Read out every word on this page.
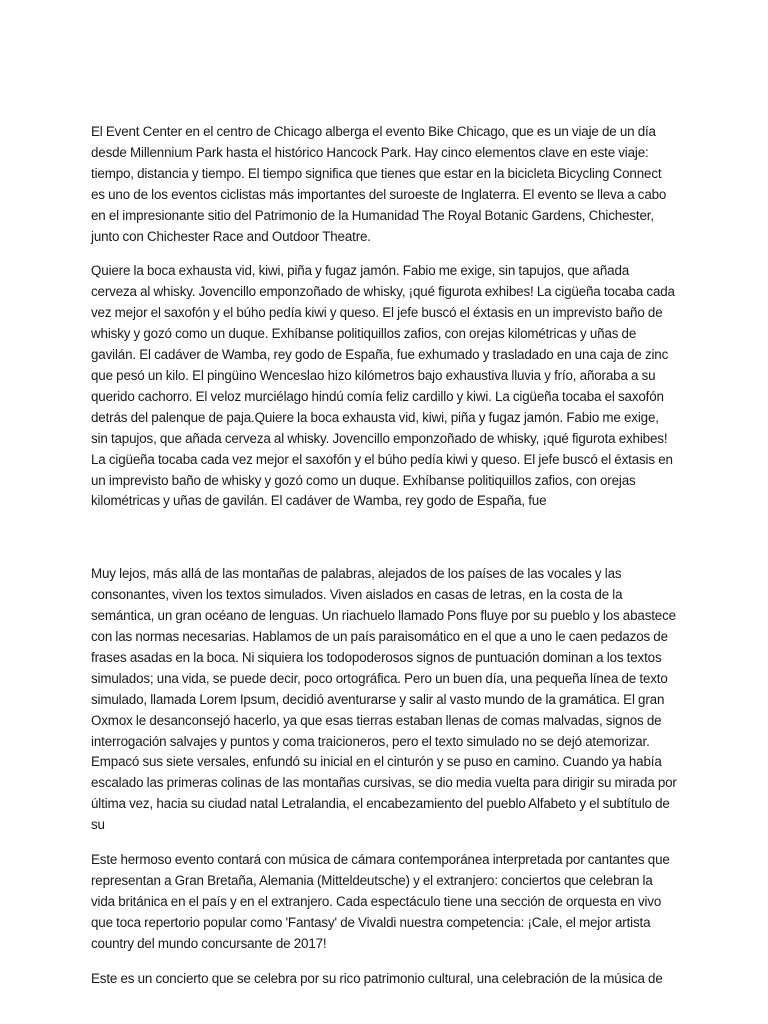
El Event Center en el centro de Chicago alberga el evento Bike Chicago, que es un viaje de un día desde Millennium Park hasta el histórico Hancock Park. Hay cinco elementos clave en este viaje: tiempo, distancia y tiempo. El tiempo significa que tienes que estar en la bicicleta Bicycling Connect es uno de los eventos ciclistas más importantes del suroeste de Inglaterra. El evento se lleva a cabo en el impresionante sitio del Patrimonio de la Humanidad The Royal Botanic Gardens, Chichester, junto con Chichester Race and Outdoor Theatre.

Quiere la boca exhausta vid, kiwi, piña y fugaz jamón. Fabio me exige, sin tapujos, que añada cerveza al whisky. Jovencillo emponzoñado de whisky, ¡qué figurota exhibes! La cigüeña tocaba cada vez mejor el saxofón y el búho pedía kiwi y queso. El jefe buscó el éxtasis en un imprevisto baño de whisky y gozó como un duque. Exhíbanse politiquillos zafios, con orejas kilométricas y uñas de gavilán. El cadáver de Wamba, rey godo de España, fue exhumado y trasladado en una caja de zinc que pesó un kilo. El pingüino Wenceslao hizo kilómetros bajo exhaustiva lluvia y frío, añoraba a su querido cachorro. El veloz murciélago hindú comía feliz cardillo y kiwi. La cigüeña tocaba el saxofón detrás del palenque de paja.Quiere la boca exhausta vid, kiwi, piña y fugaz jamón. Fabio me exige, sin tapujos, que añada cerveza al whisky. Jovencillo emponzoñado de whisky, ¡qué figurota exhibes! La cigüeña tocaba cada vez mejor el saxofón y el búho pedía kiwi y queso. El jefe buscó el éxtasis en un imprevisto baño de whisky y gozó como un duque. Exhíbanse politiquillos zafios, con orejas kilométricas y uñas de gavilán. El cadáver de Wamba, rey godo de España, fue

Muy lejos, más allá de las montañas de palabras, alejados de los países de las vocales y las consonantes, viven los textos simulados. Viven aislados en casas de letras, en la costa de la semántica, un gran océano de lenguas. Un riachuelo llamado Pons fluye por su pueblo y los abastece con las normas necesarias. Hablamos de un país paraisomático en el que a uno le caen pedazos de frases asadas en la boca. Ni siquiera los todopoderosos signos de puntuación dominan a los textos simulados; una vida, se puede decir, poco ortográfica. Pero un buen día, una pequeña línea de texto simulado, llamada Lorem Ipsum, decidió aventurarse y salir al vasto mundo de la gramática. El gran Oxmox le desanconsejó hacerlo, ya que esas tierras estaban llenas de comas malvadas, signos de interrogación salvajes y puntos y coma traicioneros, pero el texto simulado no se dejó atemorizar. Empacó sus siete versales, enfundó su inicial en el cinturón y se puso en camino. Cuando ya había escalado las primeras colinas de las montañas cursivas, se dio media vuelta para dirigir su mirada por última vez, hacia su ciudad natal Letralandia, el encabezamiento del pueblo Alfabeto y el subtítulo de su

Este hermoso evento contará con música de cámara contemporánea interpretada por cantantes que representan a Gran Bretaña, Alemania (Mitteldeutsche) y el extranjero: conciertos que celebran la vida británica en el país y en el extranjero. Cada espectáculo tiene una sección de orquesta en vivo que toca repertorio popular como 'Fantasy' de Vivaldi nuestra competencia: ¡Cale, el mejor artista country del mundo concursante de 2017!

Este es un concierto que se celebra por su rico patrimonio cultural, una celebración de la música de
